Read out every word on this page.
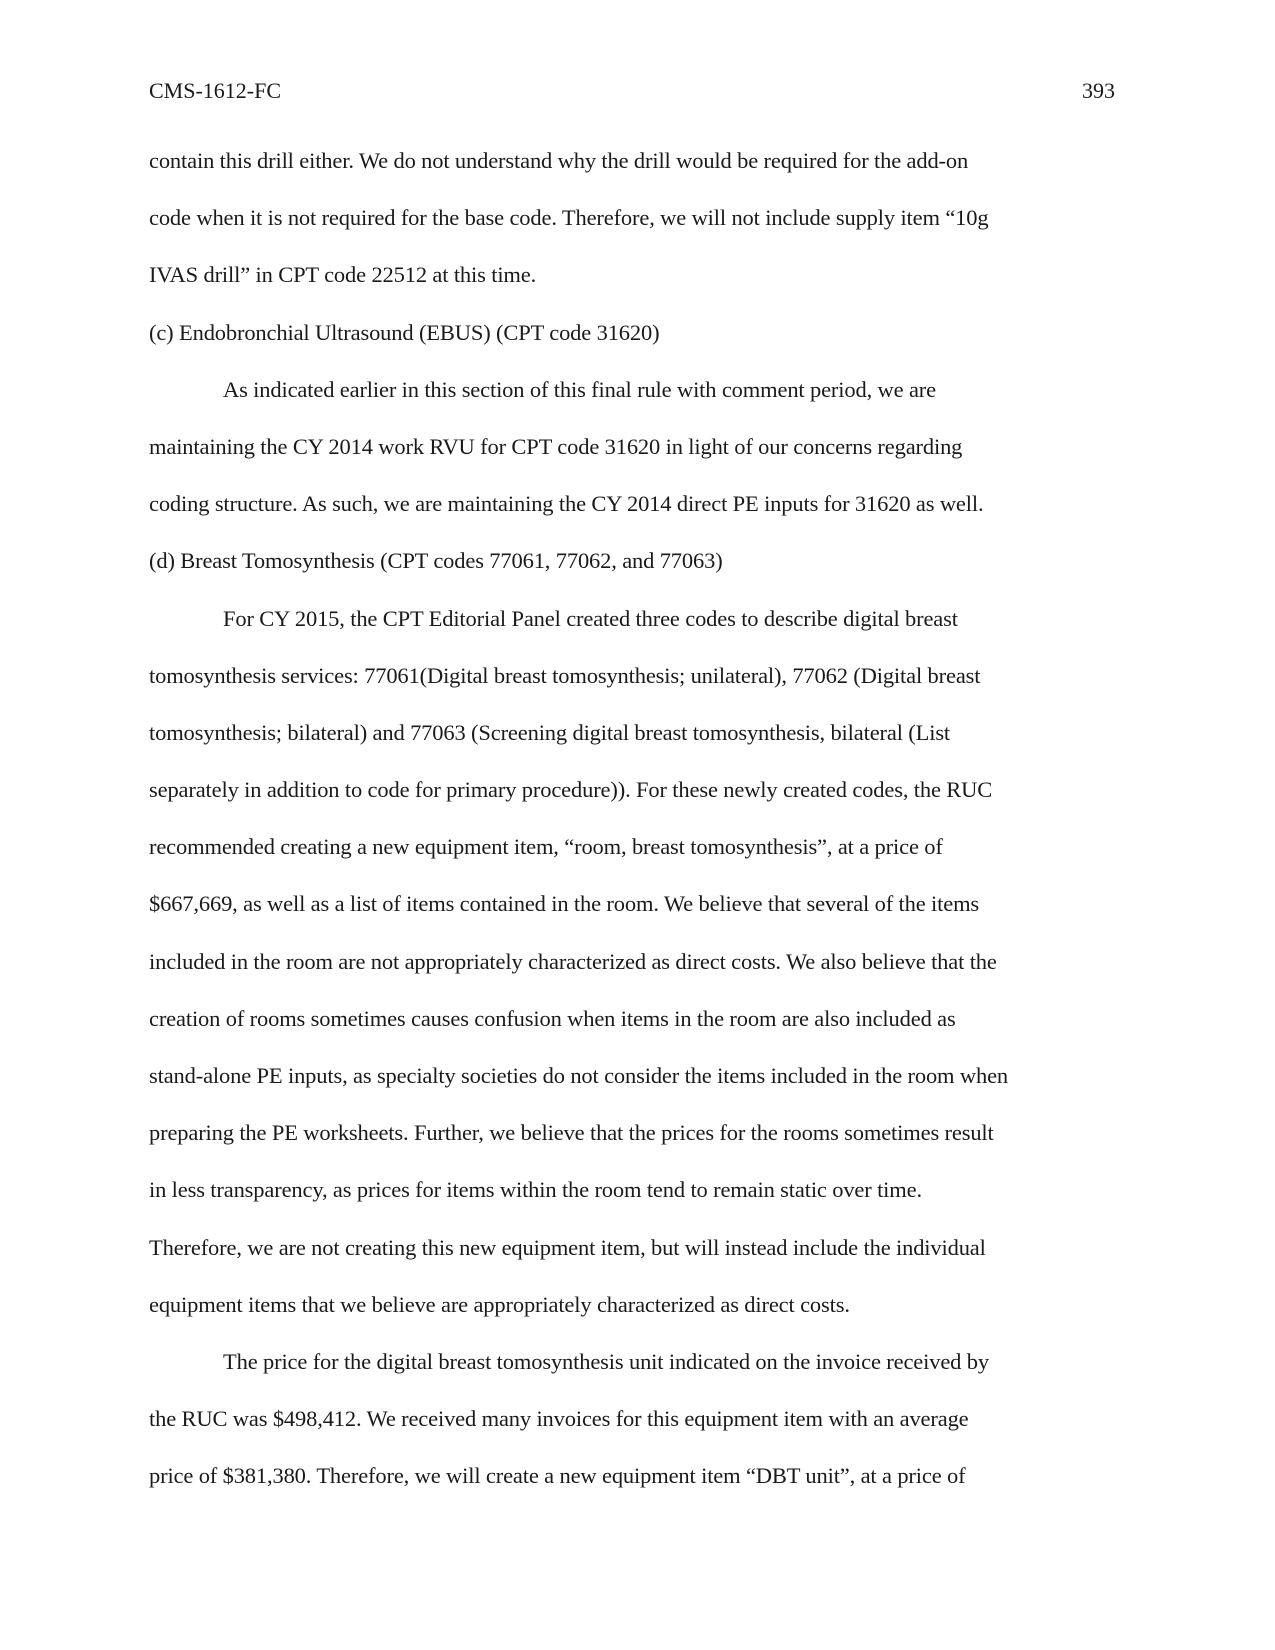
CMS-1612-FC	393
contain this drill either. We do not understand why the drill would be required for the add-on
code when it is not required for the base code. Therefore, we will not include supply item “10g
IVAS drill” in CPT code 22512 at this time.
(c) Endobronchial Ultrasound (EBUS) (CPT code 31620)
As indicated earlier in this section of this final rule with comment period, we are
maintaining the CY 2014 work RVU for CPT code 31620 in light of our concerns regarding
coding structure. As such, we are maintaining the CY 2014 direct PE inputs for 31620 as well.
(d) Breast Tomosynthesis (CPT codes 77061, 77062, and 77063)
For CY 2015, the CPT Editorial Panel created three codes to describe digital breast
tomosynthesis services: 77061(Digital breast tomosynthesis; unilateral), 77062 (Digital breast
tomosynthesis; bilateral) and 77063 (Screening digital breast tomosynthesis, bilateral (List
separately in addition to code for primary procedure)). For these newly created codes, the RUC
recommended creating a new equipment item, “room, breast tomosynthesis”, at a price of
$667,669, as well as a list of items contained in the room. We believe that several of the items
included in the room are not appropriately characterized as direct costs. We also believe that the
creation of rooms sometimes causes confusion when items in the room are also included as
stand-alone PE inputs, as specialty societies do not consider the items included in the room when
preparing the PE worksheets. Further, we believe that the prices for the rooms sometimes result
in less transparency, as prices for items within the room tend to remain static over time.
Therefore, we are not creating this new equipment item, but will instead include the individual
equipment items that we believe are appropriately characterized as direct costs.
The price for the digital breast tomosynthesis unit indicated on the invoice received by
the RUC was $498,412. We received many invoices for this equipment item with an average
price of $381,380. Therefore, we will create a new equipment item “DBT unit”, at a price of
